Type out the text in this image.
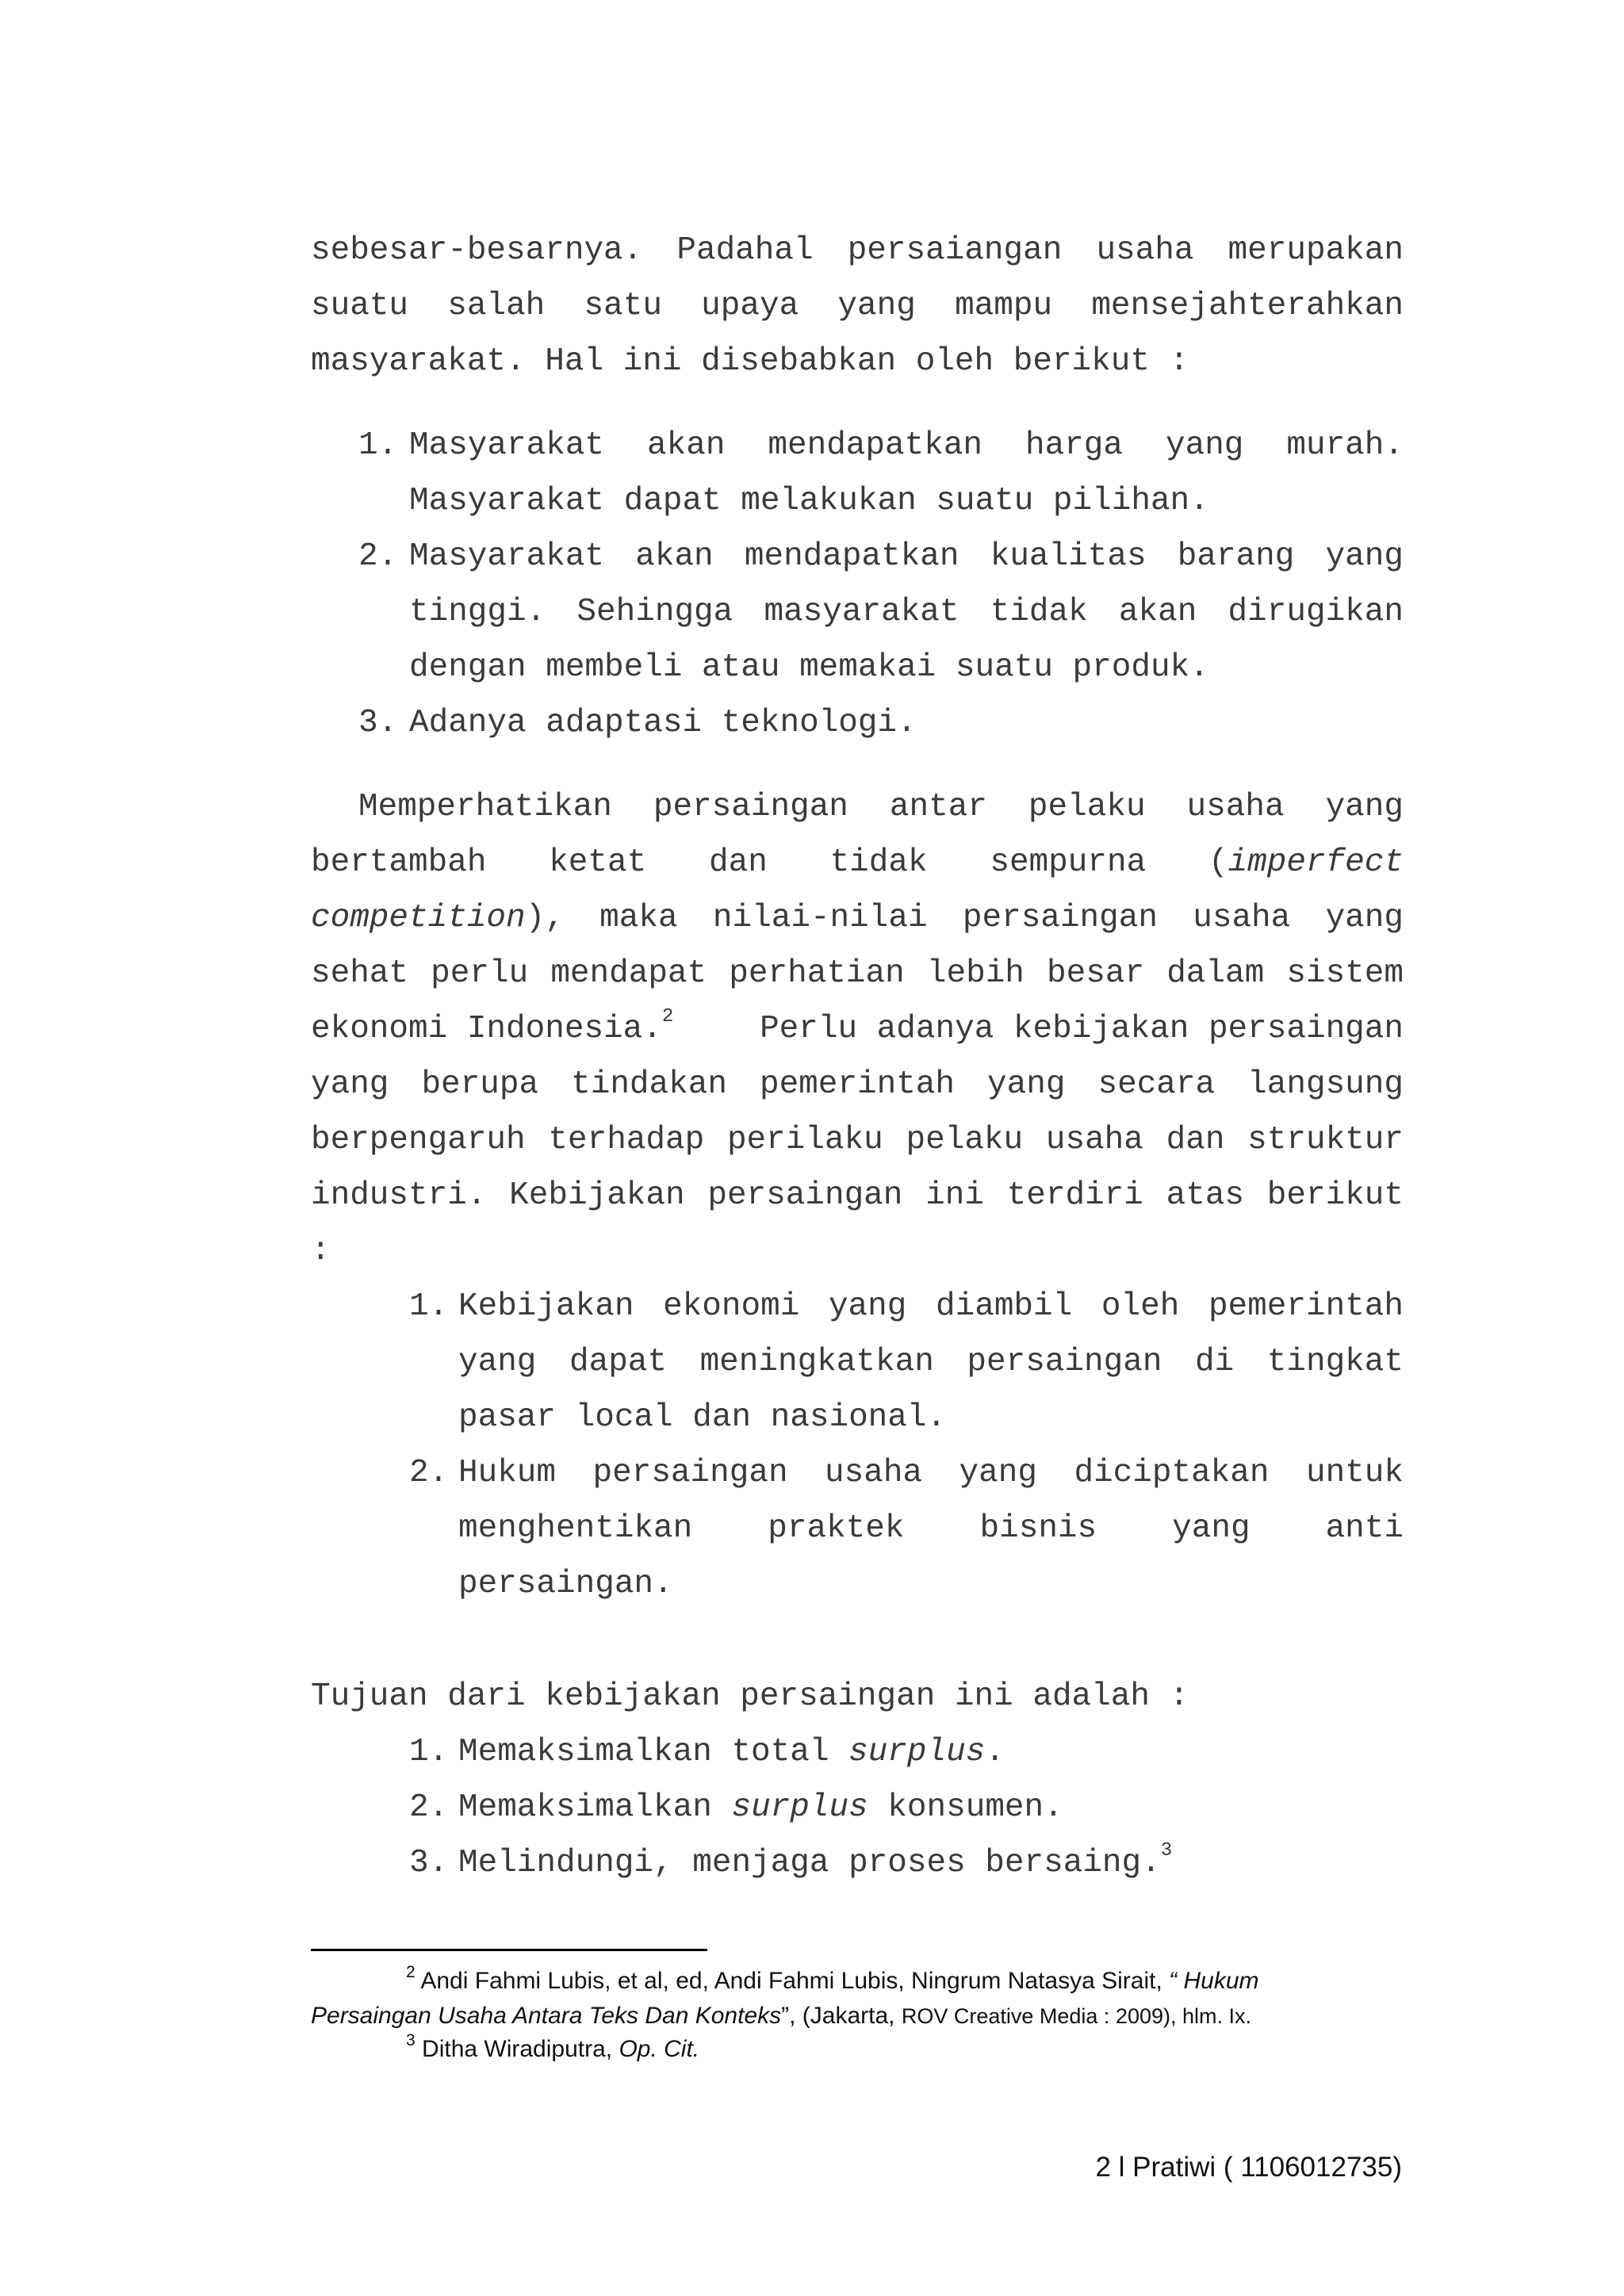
sebesar-besarnya. Padahal persaiangan usaha merupakan
suatu salah satu upaya yang mampu mensejahterahkan
masyarakat. Hal ini disebabkan oleh berikut :
1. Masyarakat akan mendapatkan harga yang murah.
Masyarakat dapat melakukan suatu pilihan.
2. Masyarakat akan mendapatkan kualitas barang yang
tinggi. Sehingga masyarakat tidak akan dirugikan
dengan membeli atau memakai suatu produk.
3. Adanya adaptasi teknologi.
Memperhatikan persaingan antar pelaku usaha yang
bertambah ketat dan tidak sempurna (imperfect
competition), maka nilai-nilai persaingan usaha yang
sehat perlu mendapat perhatian lebih besar dalam sistem
ekonomi Indonesia.$^2$	Perlu adanya kebijakan persaingan
yang berupa tindakan pemerintah yang secara langsung
berpengaruh terhadap perilaku pelaku usaha dan struktur
industri. Kebijakan persaingan ini terdiri atas berikut
:
1. Kebijakan ekonomi yang diambil oleh pemerintah
yang dapat meningkatkan persaingan di tingkat
pasar local dan nasional.
2. Hukum persaingan usaha yang diciptakan untuk
menghentikan praktek bisnis yang anti
persaingan.
Tujuan dari kebijakan persaingan ini adalah :
1. Memaksimalkan total surplus.
2. Memaksimalkan surplus konsumen.
3. Melindungi, menjaga proses bersaing.$^3$
$^2$ Andi Fahmi Lubis, et al, ed, Andi Fahmi Lubis, Ningrum Natasya Sirait, “ Hukum
Persaingan Usaha Antara Teks Dan Konteks”, (Jakarta, ROV Creative Media : 2009), hlm. Ix.
$^3$ Ditha Wiradiputra, Op. Cit.
2 l Pratiwi ( 1106012735)
